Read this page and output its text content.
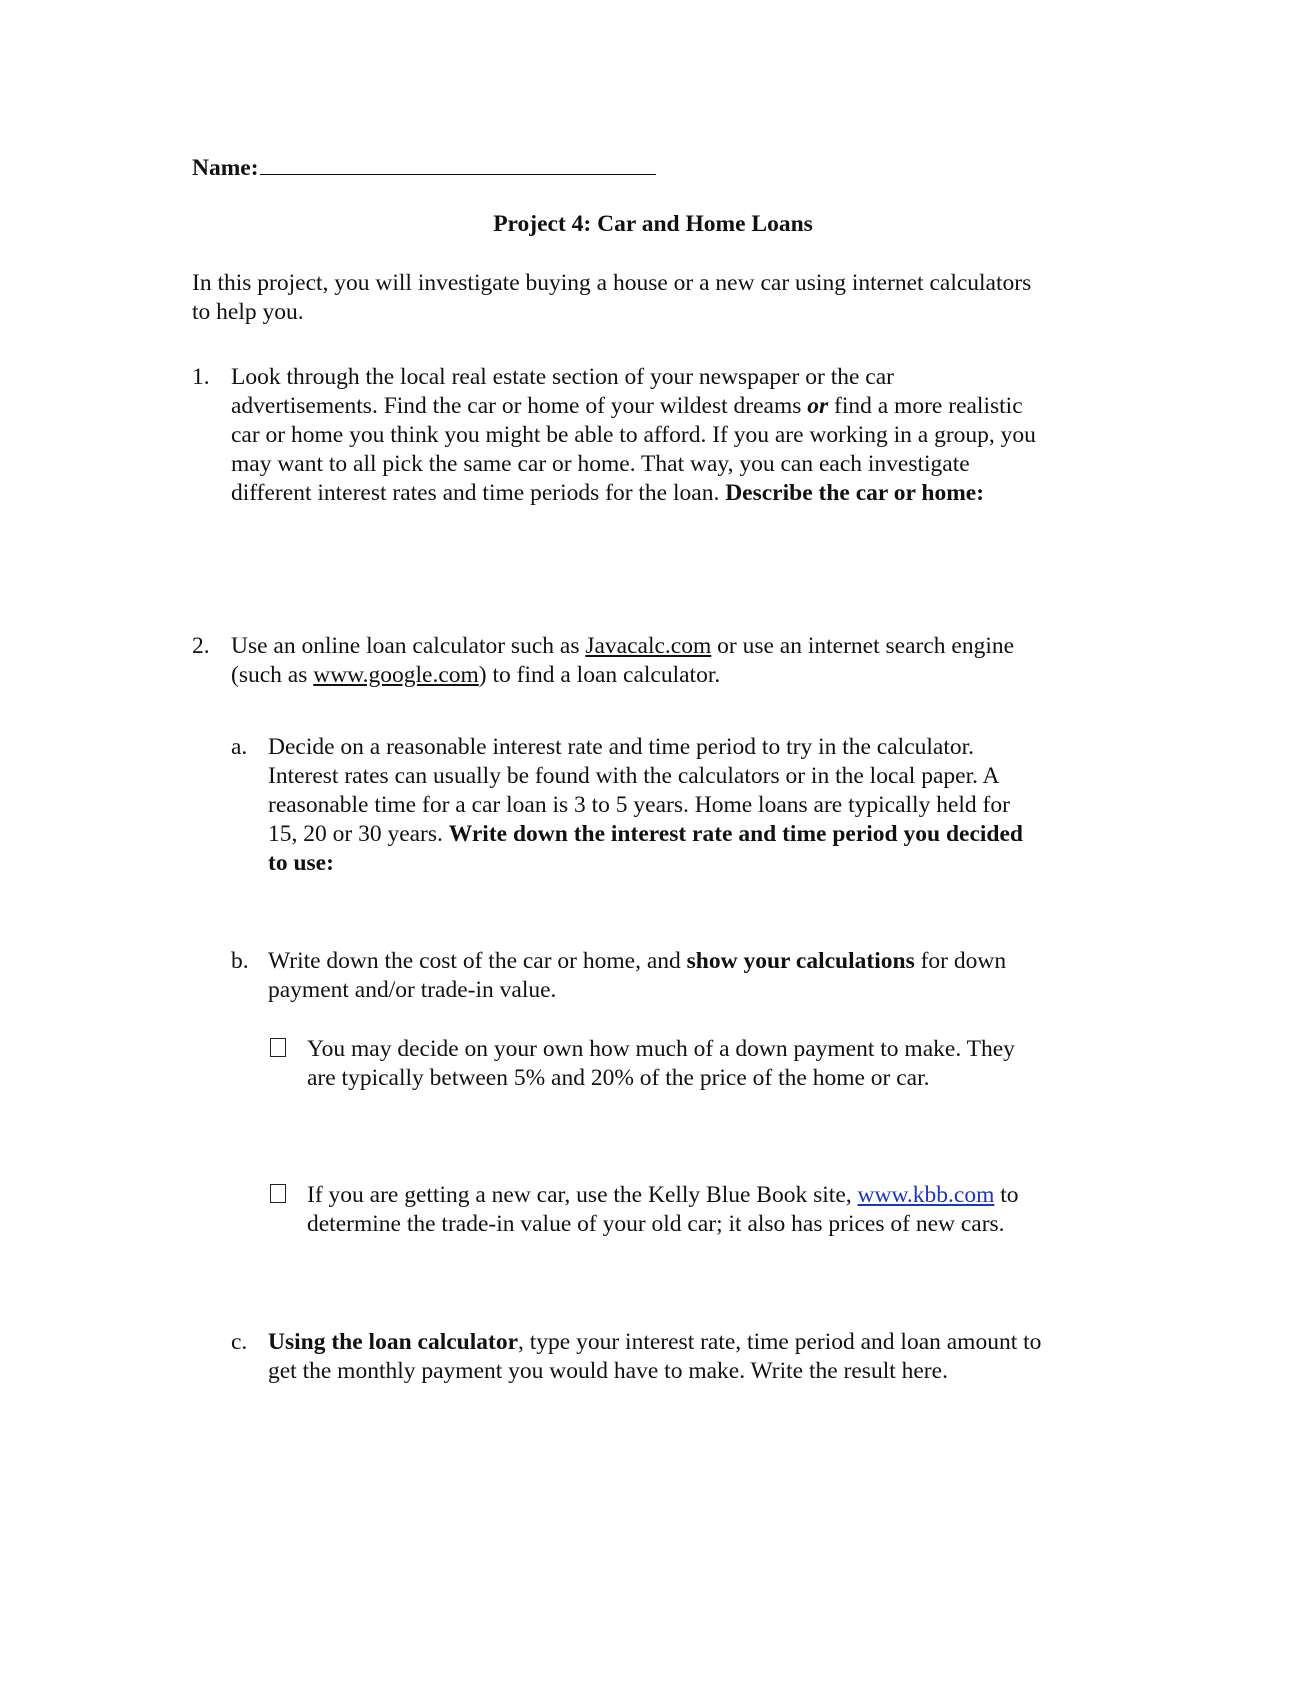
Name:
Project 4: Car and Home Loans
In this project, you will investigate buying a house or a new car using internet calculators
to help you.
1. Look through the local real estate section of your newspaper or the car
advertisements. Find the car or home of your wildest dreams or find a more realistic
car or home you think you might be able to afford. If you are working in a group, you
may want to all pick the same car or home. That way, you can each investigate
different interest rates and time periods for the loan. Describe the car or home:
2. Use an online loan calculator such as Javacalc.com or use an internet search engine
(such as www.google.com) to find a loan calculator.
a. Decide on a reasonable interest rate and time period to try in the calculator.
Interest rates can usually be found with the calculators or in the local paper. A
reasonable time for a car loan is 3 to 5 years. Home loans are typically held for
15, 20 or 30 years. Write down the interest rate and time period you decided
to use:
b. Write down the cost of the car or home, and show your calculations for down
payment and/or trade-in value.
You may decide on your own how much of a down payment to make. They
are typically between 5% and 20% of the price of the home or car.
If you are getting a new car, use the Kelly Blue Book site, www.kbb.com to
determine the trade-in value of your old car; it also has prices of new cars.
c. Using the loan calculator, type your interest rate, time period and loan amount to
get the monthly payment you would have to make. Write the result here.
